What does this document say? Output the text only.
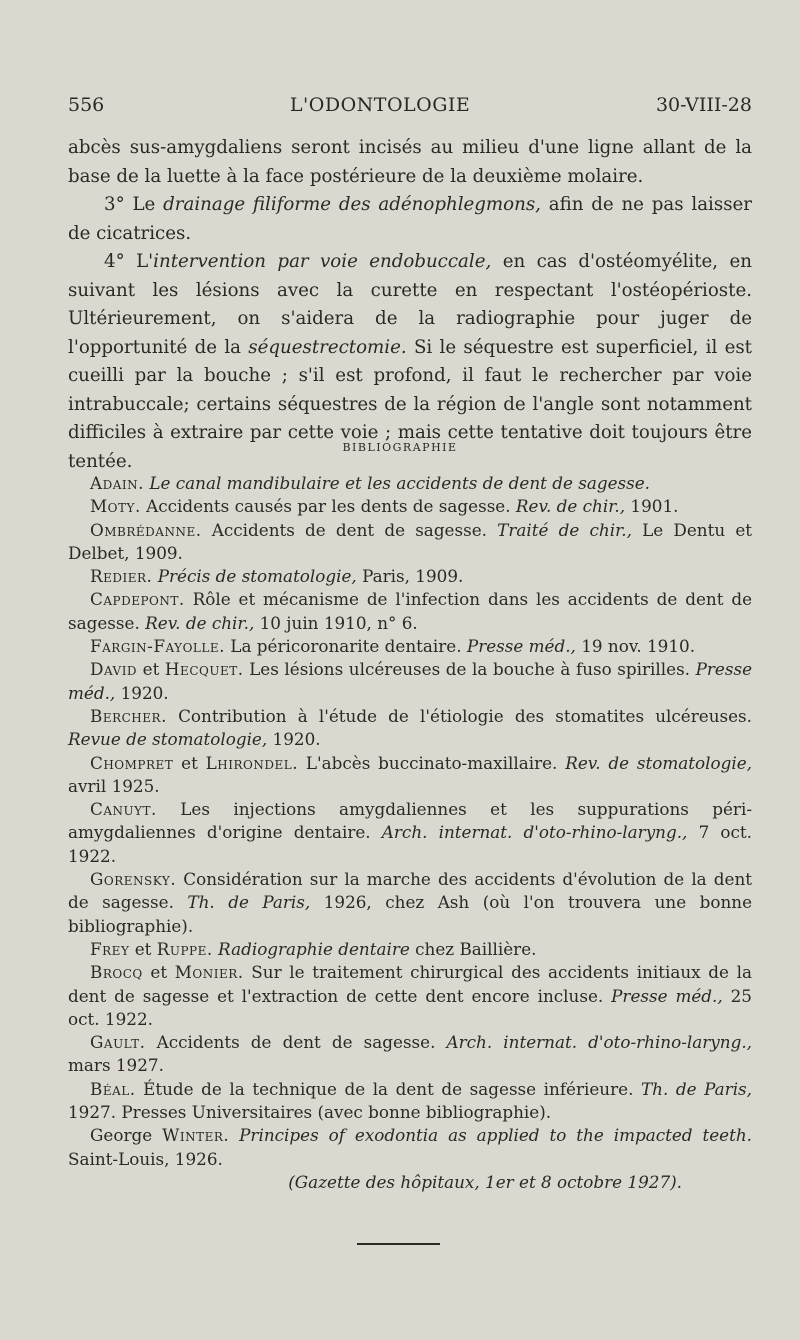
556	L'ODONTOLOGIE	30-VIII-28

abcès sus-amygdaliens seront incisés au milieu d'une ligne allant de la base de la luette à la face postérieure de la deuxième molaire.

3° Le drainage filiforme des adénophlegmons, afin de ne pas laisser de cicatrices.

4° L'intervention par voie endobuccale, en cas d'ostéomyélite, en suivant les lésions avec la curette en respectant l'ostéopérioste. Ultérieurement, on s'aidera de la radiographie pour juger de l'opportunité de la séquestrectomie. Si le séquestre est superficiel, il est cueilli par la bouche ; s'il est profond, il faut le rechercher par voie intrabuccale; certains séquestres de la région de l'angle sont notamment difficiles à extraire par cette voie ; mais cette tentative doit toujours être tentée.

BIBLIOGRAPHIE

Adain. Le canal mandibulaire et les accidents de dent de sagesse.

Moty. Accidents causés par les dents de sagesse. Rev. de chir., 1901.

Ombrédanne. Accidents de dent de sagesse. Traité de chir., Le Dentu et Delbet, 1909.

Redier. Précis de stomatologie, Paris, 1909.

Capdepont. Rôle et mécanisme de l'infection dans les accidents de dent de sagesse. Rev. de chir., 10 juin 1910, n° 6.

Fargin-Fayolle. La péricoronarite dentaire. Presse méd., 19 nov. 1910.

David et Hecquet. Les lésions ulcéreuses de la bouche à fuso spirilles. Presse méd., 1920.

Bercher. Contribution à l'étude de l'étiologie des stomatites ulcéreuses. Revue de stomatologie, 1920.

Chompret et Lhirondel. L'abcès buccinato-maxillaire. Rev. de stomatologie, avril 1925.

Canuyt. Les injections amygdaliennes et les suppurations péri-amygdaliennes d'origine dentaire. Arch. internat. d'oto-rhino-laryng., 7 oct. 1922.

Gorensky. Considération sur la marche des accidents d'évolution de la dent de sagesse. Th. de Paris, 1926, chez Ash (où l'on trouvera une bonne bibliographie).

Frey et Ruppe. Radiographie dentaire chez Baillière.

Brocq et Monier. Sur le traitement chirurgical des accidents initiaux de la dent de sagesse et l'extraction de cette dent encore incluse. Presse méd., 25 oct. 1922.

Gault. Accidents de dent de sagesse. Arch. internat. d'oto-rhino-laryng., mars 1927.

Béal. Étude de la technique de la dent de sagesse inférieure. Th. de Paris, 1927. Presses Universitaires (avec bonne bibliographie).

George Winter. Principes of exodontia as applied to the impacted teeth. Saint-Louis, 1926.

(Gazette des hôpitaux, 1er et 8 octobre 1927).
